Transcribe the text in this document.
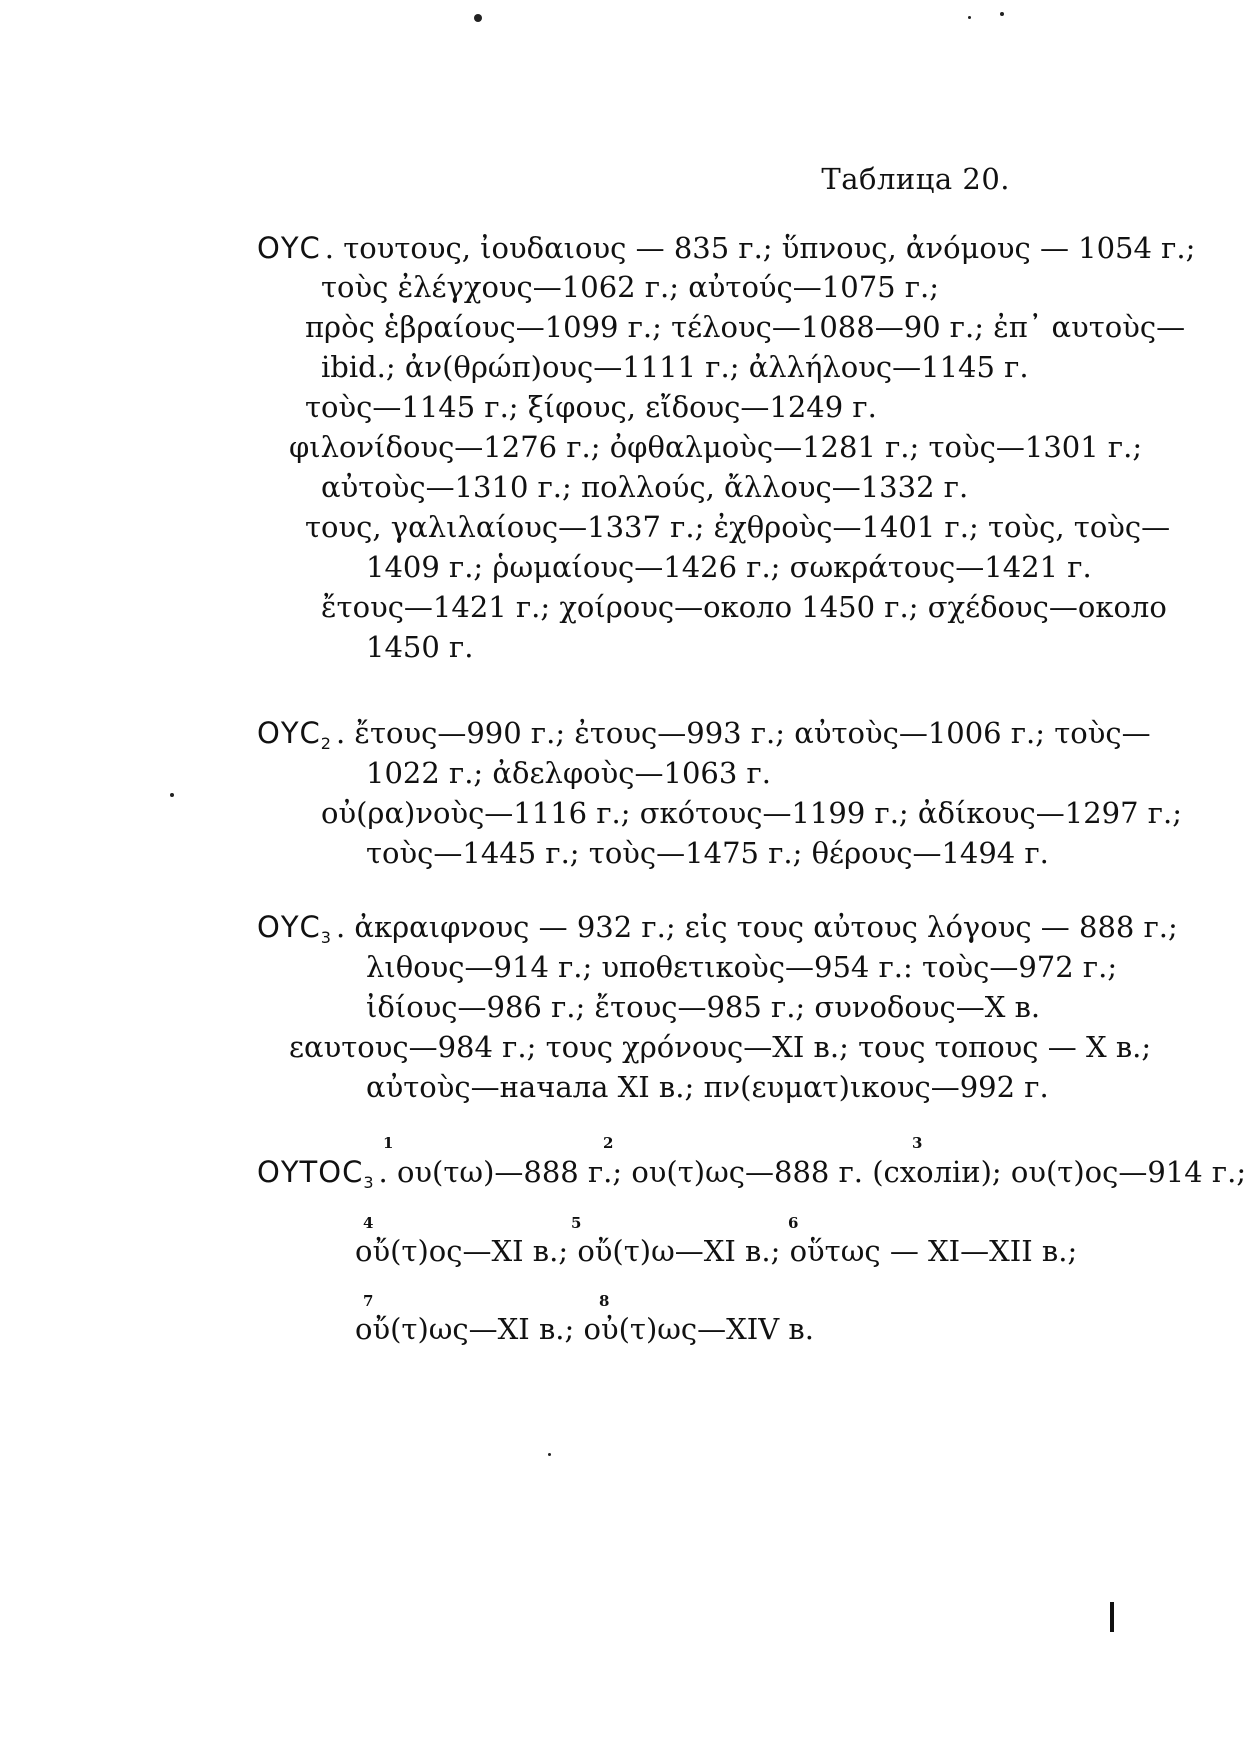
Таблица 20.
ΟΥC . τουτους, ἰουδαιους — 835 г.; ὕπνους, ἀνόμους — 1054 г.;
τοὺς ἐλέγχους—1062 г.; αὐτούς—1075 г.;
πρὸς ἑβραίους—1099 г.; τέλους—1088—90 г.; ἐπ᾽ αυτοὺς—
ibid.; ἀν(θρώπ)ους—1111 г.; ἀλλήλους—1145 г.
τοὺς—1145 г.; ξίφους, εἴδους—1249 г.
φιλονίδους—1276 г.; ὀφθαλμοὺς—1281 г.; τοὺς—1301 г.;
αὐτοὺς—1310 г.; πολλούς, ἄλλους—1332 г.
τους, γαλιλαίους—1337 г.; ἐχθροὺς—1401 г.; τοὺς, τοὺς—
1409 г.; ῥωμαίους—1426 г.; σωκράτους—1421 г.
ἔτους—1421 г.; χοίρους—около 1450 г.; σχέδους—около
1450 г.
$O\Upsilon C_2$ . ἔτους—990 г.; ἐτους—993 г.; αὐτοὺς—1006 г.; τοὺς—
1022 г.; ἀδελφοὺς—1063 г.
οὐ(ρα)νοὺς—1116 г.; σκότους—1199 г.; ἀδίκους—1297 г.;
τοὺς—1445 г.; τοὺς—1475 г.; θέρους—1494 г.
$O\Upsilon C_3$ . ἀκραιφνους — 932 г.; εἰς τους αὐτους λόγους — 888 г.;
λιθους—914 г.; υποθετικοὺς—954 г.: τοὺς—972 г.;
ἰδίους—986 г.; ἔτους—985 г.; συνοδους—X в.
εαυτους—984 г.; τους χρόνους—XI в.; τους τοπους — X в.;
αὐτοὺς—начала XI в.; πν(ευματ)ικους—992 г.
1	2	3
$O\Upsilon TOC_3$ . ου(τω)—888 г.; ου(τ)ως—888 г. (схолiи); ου(τ)ος—914 г.;
4	5	6
οὔ(τ)ος—XI в.; οὔ(τ)ω—XI в.; οὕτως — XI—XII в.;
7	8
οὔ(τ)ως—XI в.; οὐ(τ)ως—XIV в.
